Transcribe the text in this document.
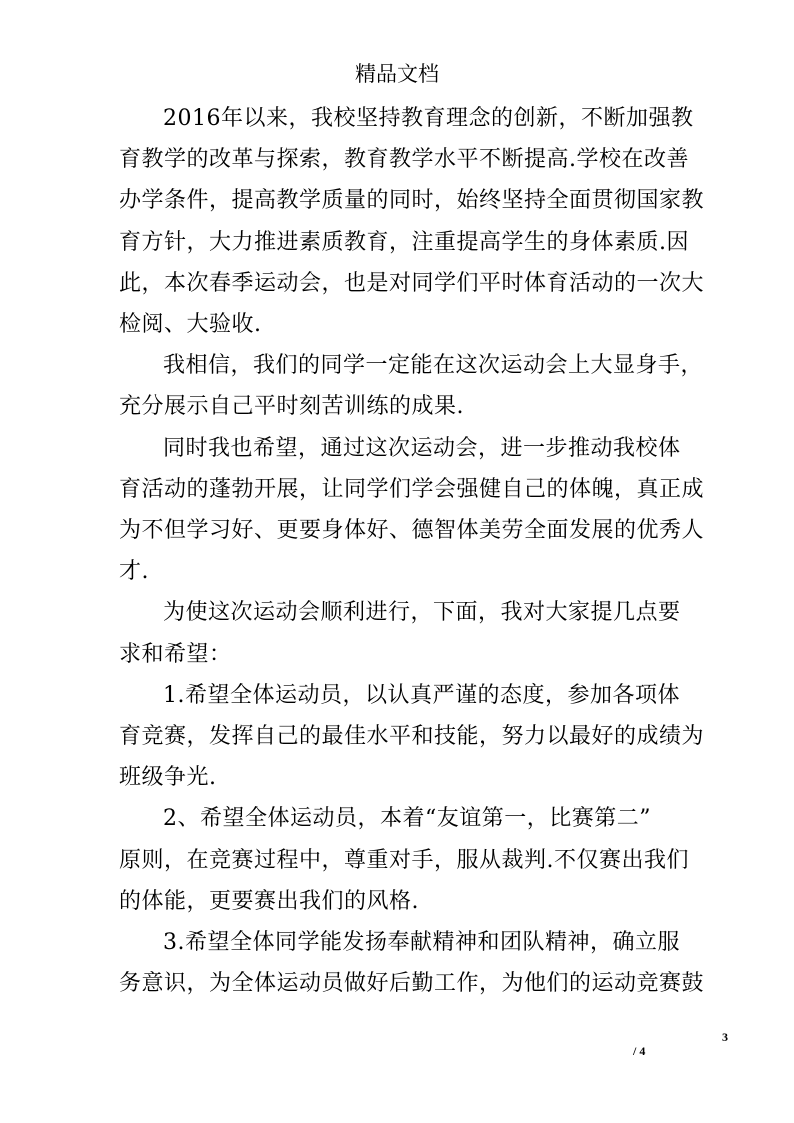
精品文档

2016年以来，我校坚持教育理念的创新，不断加强教
育教学的改革与探索，教育教学水平不断提高.学校在改善
办学条件，提高教学质量的同时，始终坚持全面贯彻国家教
育方针，大力推进素质教育，注重提高学生的身体素质.因
此，本次春季运动会，也是对同学们平时体育活动的一次大
检阅、大验收.

我相信，我们的同学一定能在这次运动会上大显身手，
充分展示自己平时刻苦训练的成果.

同时我也希望，通过这次运动会，进一步推动我校体
育活动的蓬勃开展，让同学们学会强健自己的体魄，真正成
为不但学习好、更要身体好、德智体美劳全面发展的优秀人
才.

为使这次运动会顺利进行，下面，我对大家提几点要
求和希望：

1.希望全体运动员，以认真严谨的态度，参加各项体
育竞赛，发挥自己的最佳水平和技能，努力以最好的成绩为
班级争光.

2、希望全体运动员，本着“友谊第一，比赛第二”
原则，在竞赛过程中，尊重对手，服从裁判.不仅赛出我们
的体能，更要赛出我们的风格.

3.希望全体同学能发扬奉献精神和团队精神，确立服
务意识，为全体运动员做好后勤工作，为他们的运动竞赛鼓

3
/ 4
